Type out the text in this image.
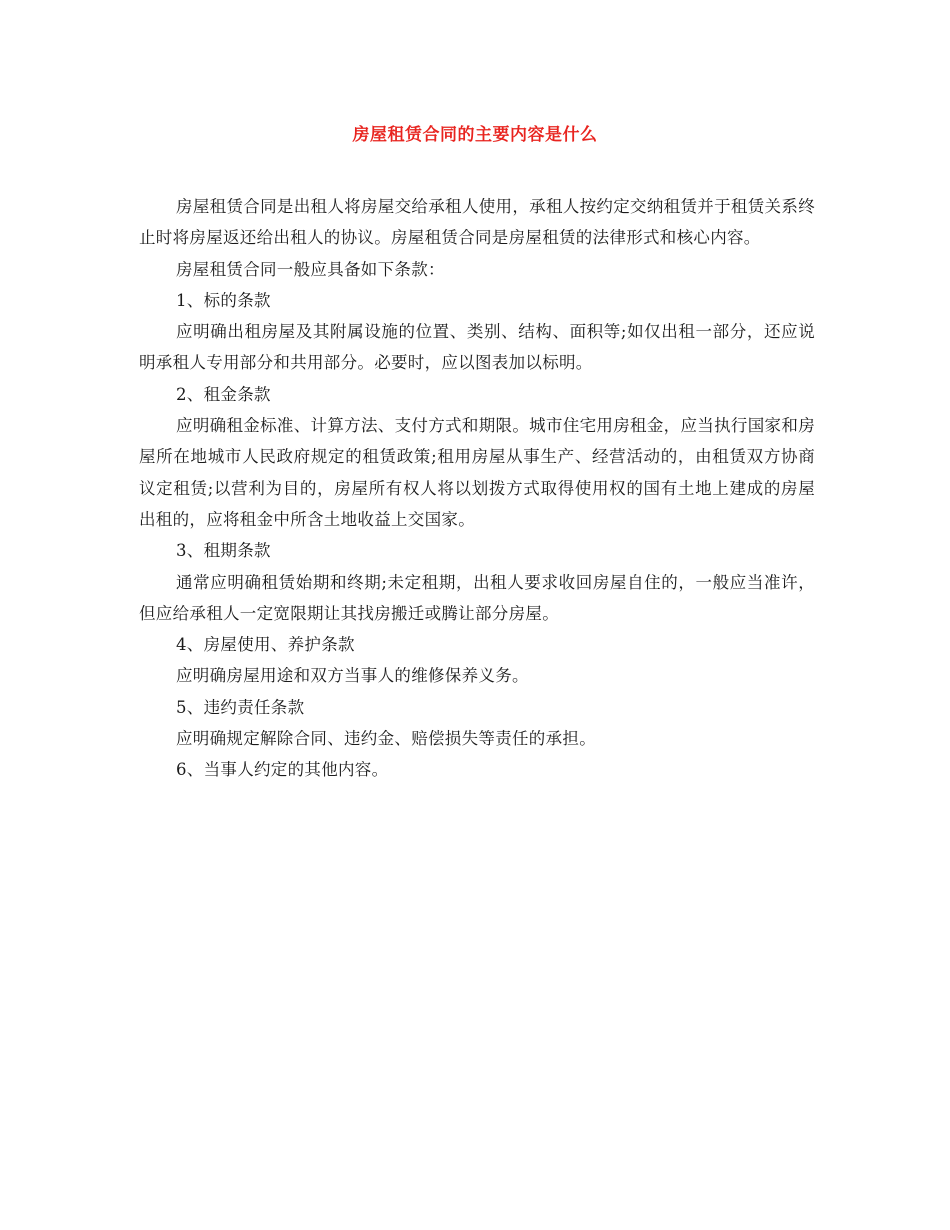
房屋租赁合同的主要内容是什么

房屋租赁合同是出租人将房屋交给承租人使用，承租人按约定交纳租赁并于租赁关系终止时将房屋返还给出租人的协议。房屋租赁合同是房屋租赁的法律形式和核心内容。

房屋租赁合同一般应具备如下条款：

1、标的条款

应明确出租房屋及其附属设施的位置、类别、结构、面积等;如仅出租一部分，还应说明承租人专用部分和共用部分。必要时，应以图表加以标明。

2、租金条款

应明确租金标准、计算方法、支付方式和期限。城市住宅用房租金，应当执行国家和房屋所在地城市人民政府规定的租赁政策;租用房屋从事生产、经营活动的，由租赁双方协商议定租赁;以营利为目的，房屋所有权人将以划拨方式取得使用权的国有土地上建成的房屋出租的，应将租金中所含土地收益上交国家。

3、租期条款

通常应明确租赁始期和终期;未定租期，出租人要求收回房屋自住的，一般应当准许，但应给承租人一定宽限期让其找房搬迁或腾让部分房屋。

4、房屋使用、养护条款

应明确房屋用途和双方当事人的维修保养义务。

5、违约责任条款

应明确规定解除合同、违约金、赔偿损失等责任的承担。

6、当事人约定的其他内容。
